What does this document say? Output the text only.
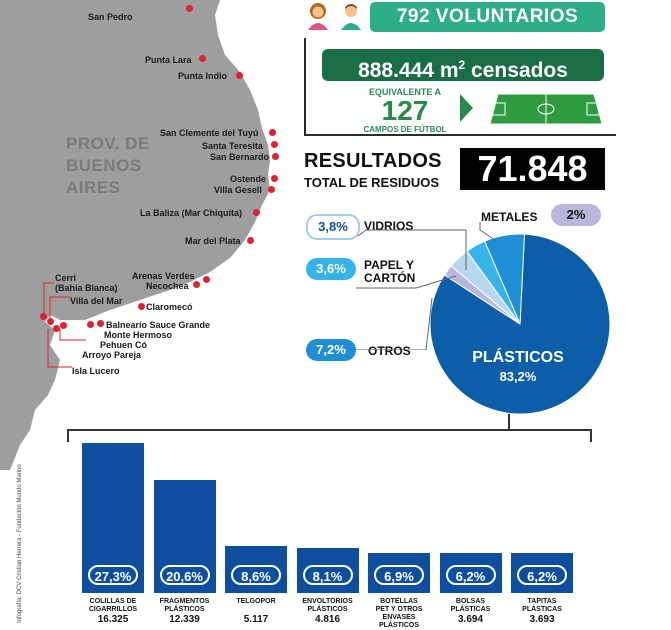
PROV. DE
BUENOS
AIRES
San Pedro
Punta Lara
Punta Indio
San Clemente del Tuyú
Santa Teresita
San Bernardo
Ostende
Villa Gesell
La Baliza (Mar Chiquita)
Mar del Plata
Arenas Verdes
Necochea
Cerri
(Bahía Blanca)
Villa del Mar
Claromecó
Balneario Sauce Grande
Monte Hermoso
Pehuen Có
Arroyo Pareja
Isla Lucero
792 VOLUNTARIOS
888.444 $m^2$ censados
EQUIVALENTE A
127
CAMPOS DE FÚTBOL
RESULTADOS
TOTAL DE RESIDUOS	71.848
3,8%	VIDRIOS
METALES	2%
3,6%	PAPEL Y
CARTÓN
7,2%	OTROS	PLÁSTICOS
83,2%
27,3%
COLILLAS DE
CIGARRILLOS
16.325
20,6%
FRAGMENTOS
PLÁSTICOS
12.339
8,6%
TELGOPOR
5.117
8,1%
ENVOLTORIOS
PLÁSTICOS
4.816
6,9%
BOTELLAS
PET Y OTROS
ENVASES
PLÁSTICOS
6,2%
BOLSAS
PLÁSTICAS
3.694
6,2%
TAPITAS
PLÁSTICAS
3.693
Infografía: DCV Cristian Herrera - Fundación Mundo Marino
